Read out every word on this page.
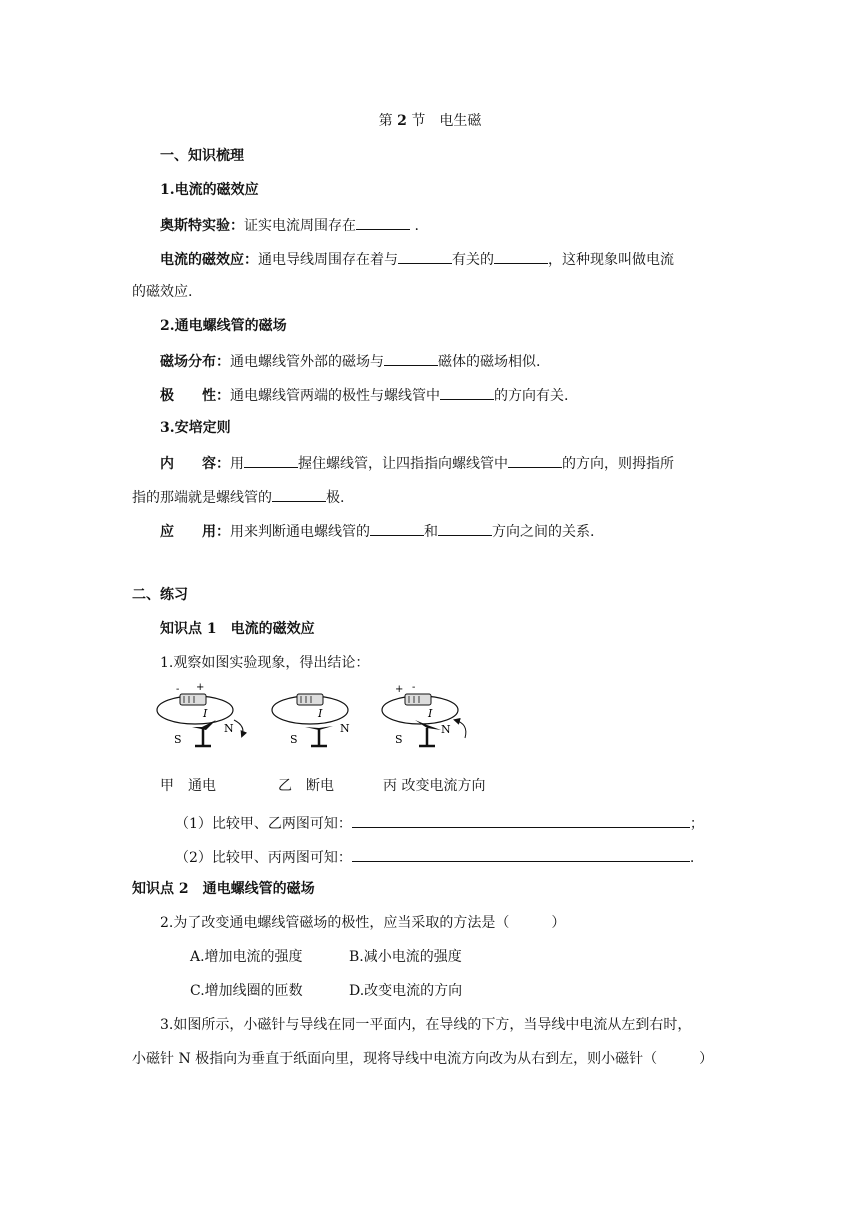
第 2 节　 电生磁
一、知识梳理
1.电流的磁效应
奥斯特实验：证实电流周围存在	.
电流的磁效应：通电导线周围存在着与	有关的	，这种现象叫做电流
的磁效应.
2.通电螺线管的磁场
磁场分布：通电螺线管外部的磁场与	磁体的磁场相似.
极 性：通电螺线管两端的极性与螺线管中	的方向有关.
3.安培定则
内 容：用	握住螺线管，让四指指向螺线管中	的方向，则拇指所
指的那端就是螺线管的	极.
应 用：用来判断通电螺线管的	和	方向之间的关系.
二、练习
知识点 1　电流的磁效应
1.观察如图实验现象，得出结论：
- +
I
S
N
I
S
N
+ -
I
S
N
甲　通电	乙　断电	丙 改变电流方向
（1）比较甲、乙两图可知：	；
（2）比较甲、丙两图可知：	.
知识点 2　通电螺线管的磁场
2.为了改变通电螺线管磁场的极性，应当采取的方法是（　　　）
A.增加电流的强度	B.减小电流的强度
C.增加线圈的匝数	D.改变电流的方向
3.如图所示，小磁针与导线在同一平面内，在导线的下方，当导线中电流从左到右时，
小磁针 N 极指向为垂直于纸面向里，现将导线中电流方向改为从右到左，则小磁针（　　　）
